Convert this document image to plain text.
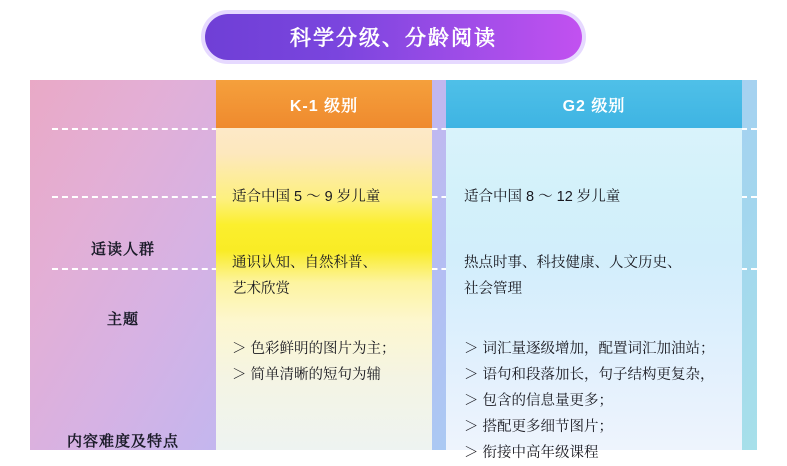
科学分级、分龄阅读
适读人群
主题
内容难度及特点
K-1 级别
适合中国 5 ～ 9 岁儿童
通识认知、自然科普、
艺术欣赏
＞ 色彩鲜明的图片为主；
＞ 简单清晰的短句为辅
G2 级别
适合中国 8 ～ 12 岁儿童
热点时事、科技健康、人文历史、
社会管理
＞ 词汇量逐级增加，配置词汇加油站；
＞ 语句和段落加长，句子结构更复杂，
＞ 包含的信息量更多；
＞ 搭配更多细节图片；
＞ 衔接中高年级课程
